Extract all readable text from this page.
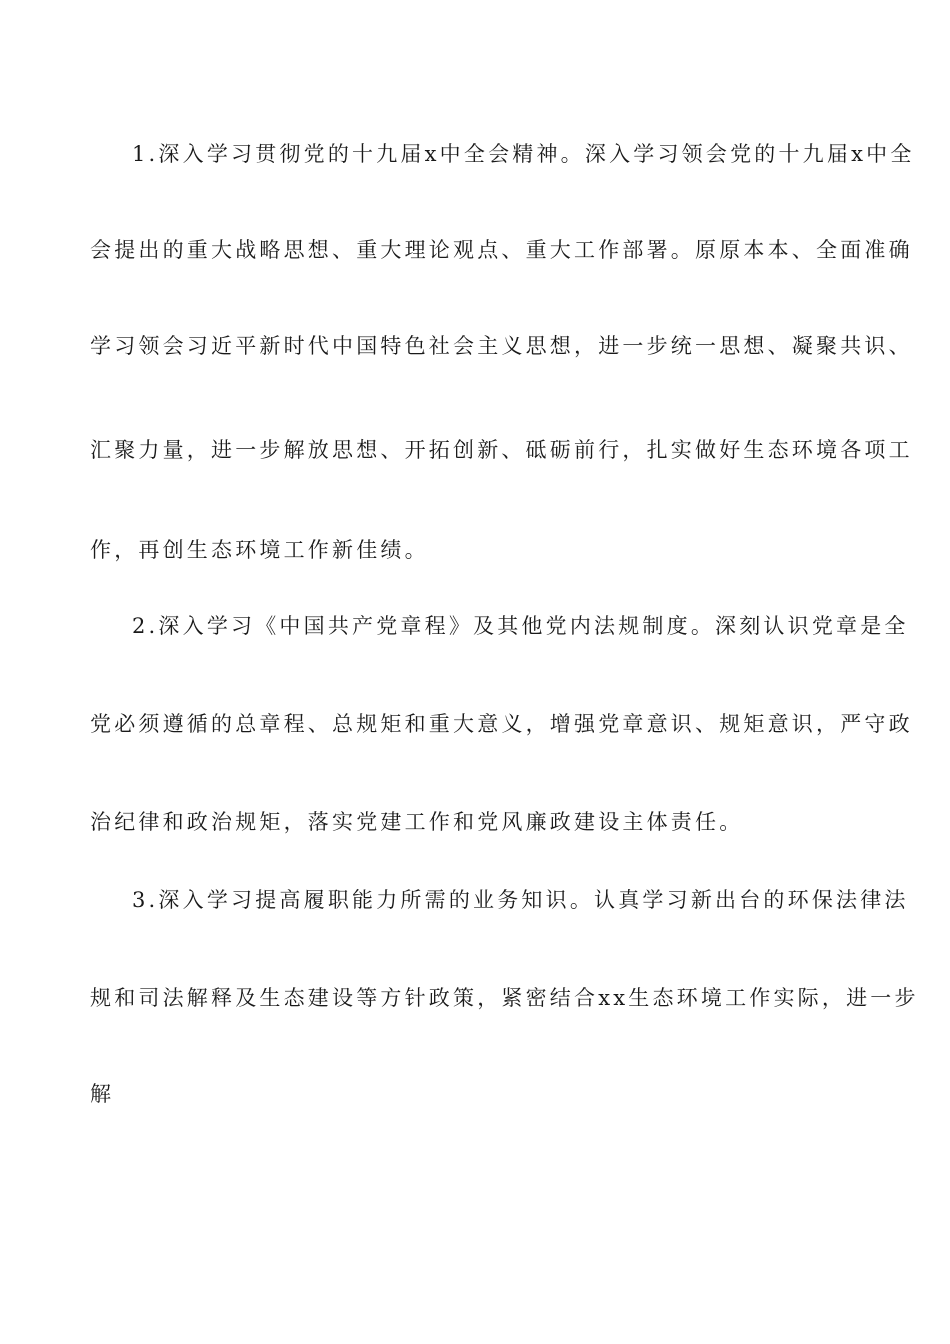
1.深入学习贯彻党的十九届x中全会精神。深入学习领会党的十九届x中全
会提出的重大战略思想、重大理论观点、重大工作部署。原原本本、全面准确
学习领会习近平新时代中国特色社会主义思想，进一步统一思想、凝聚共识、
汇聚力量，进一步解放思想、开拓创新、砥砺前行，扎实做好生态环境各项工
作，再创生态环境工作新佳绩。
2.深入学习《中国共产党章程》及其他党内法规制度。深刻认识党章是全
党必须遵循的总章程、总规矩和重大意义，增强党章意识、规矩意识，严守政
治纪律和政治规矩，落实党建工作和党风廉政建设主体责任。
3.深入学习提高履职能力所需的业务知识。认真学习新出台的环保法律法
规和司法解释及生态建设等方针政策，紧密结合xx生态环境工作实际，进一步
解
